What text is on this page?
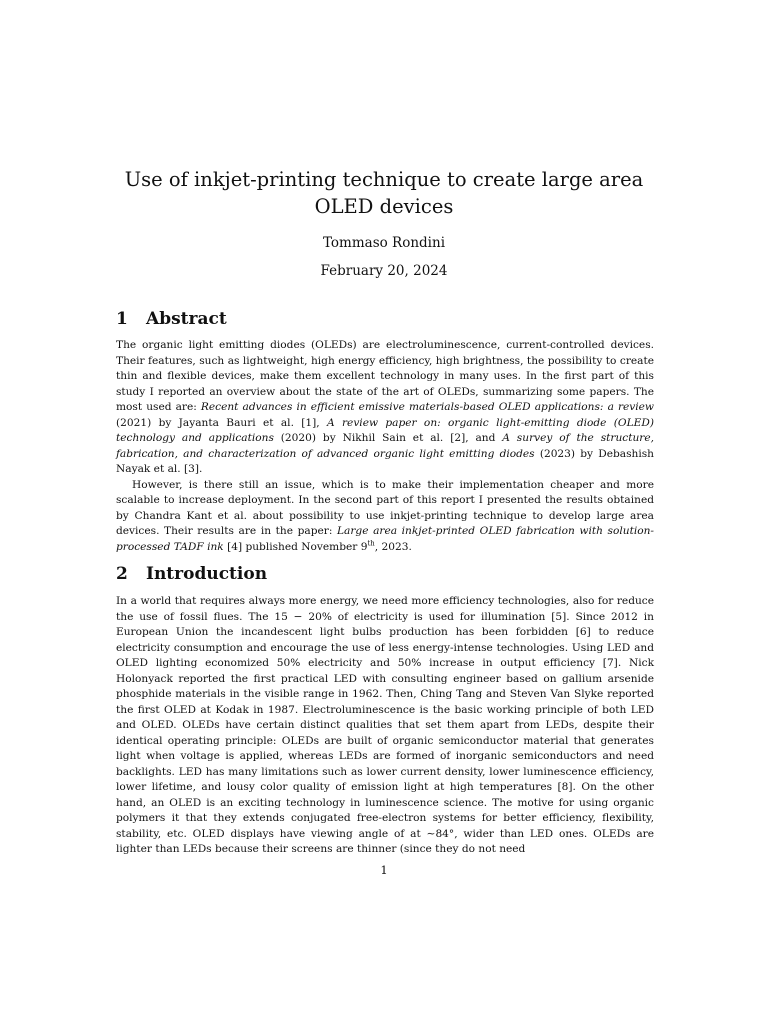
Use of inkjet-printing technique to create large area
OLED devices
Tommaso Rondini
February 20, 2024
1 Abstract

The organic light emitting diodes (OLEDs) are electroluminescence, current-controlled devices. Their features, such as lightweight, high energy efficiency, high brightness, the possibility to create thin and flexible devices, make them excellent technology in many uses. In the first part of this study I reported an overview about the state of the art of OLEDs, summarizing some papers. The most used are: Recent advances in efficient emissive materials-based OLED applications: a review (2021) by Jayanta Bauri et al. [1], A review paper on: organic light-emitting diode (OLED) technology and applications (2020) by Nikhil Sain et al. [2], and A survey of the structure, fabrication, and characterization of advanced organic light emitting diodes (2023) by Debashish Nayak et al. [3].

However, is there still an issue, which is to make their implementation cheaper and more scalable to increase deployment. In the second part of this report I presented the results obtained by Chandra Kant et al. about possibility to use inkjet-printing technique to develop large area devices. Their results are in the paper: Large area inkjet-printed OLED fabrication with solution-processed TADF ink [4] published November 9th, 2023.

2 Introduction

In a world that requires always more energy, we need more efficiency technologies, also for reduce the use of fossil flues. The 15 − 20% of electricity is used for illumination [5]. Since 2012 in European Union the incandescent light bulbs production has been forbidden [6] to reduce electricity consumption and encourage the use of less energy-intense technologies. Using LED and OLED lighting economized 50% electricity and 50% increase in output efficiency [7]. Nick Holonyack reported the first practical LED with consulting engineer based on gallium arsenide phosphide materials in the visible range in 1962. Then, Ching Tang and Steven Van Slyke reported the first OLED at Kodak in 1987. Electroluminescence is the basic working principle of both LED and OLED. OLEDs have certain distinct qualities that set them apart from LEDs, despite their identical operating principle: OLEDs are built of organic semiconductor material that generates light when voltage is applied, whereas LEDs are formed of inorganic semiconductors and need backlights. LED has many limitations such as lower current density, lower luminescence efficiency, lower lifetime, and lousy color quality of emission light at high temperatures [8]. On the other hand, an OLED is an exciting technology in luminescence science. The motive for using organic polymers it that they extends conjugated free-electron systems for better efficiency, flexibility, stability, etc. OLED displays have viewing angle of at ∼84°, wider than LED ones. OLEDs are lighter than LEDs because their screens are thinner (since they do not need

1
